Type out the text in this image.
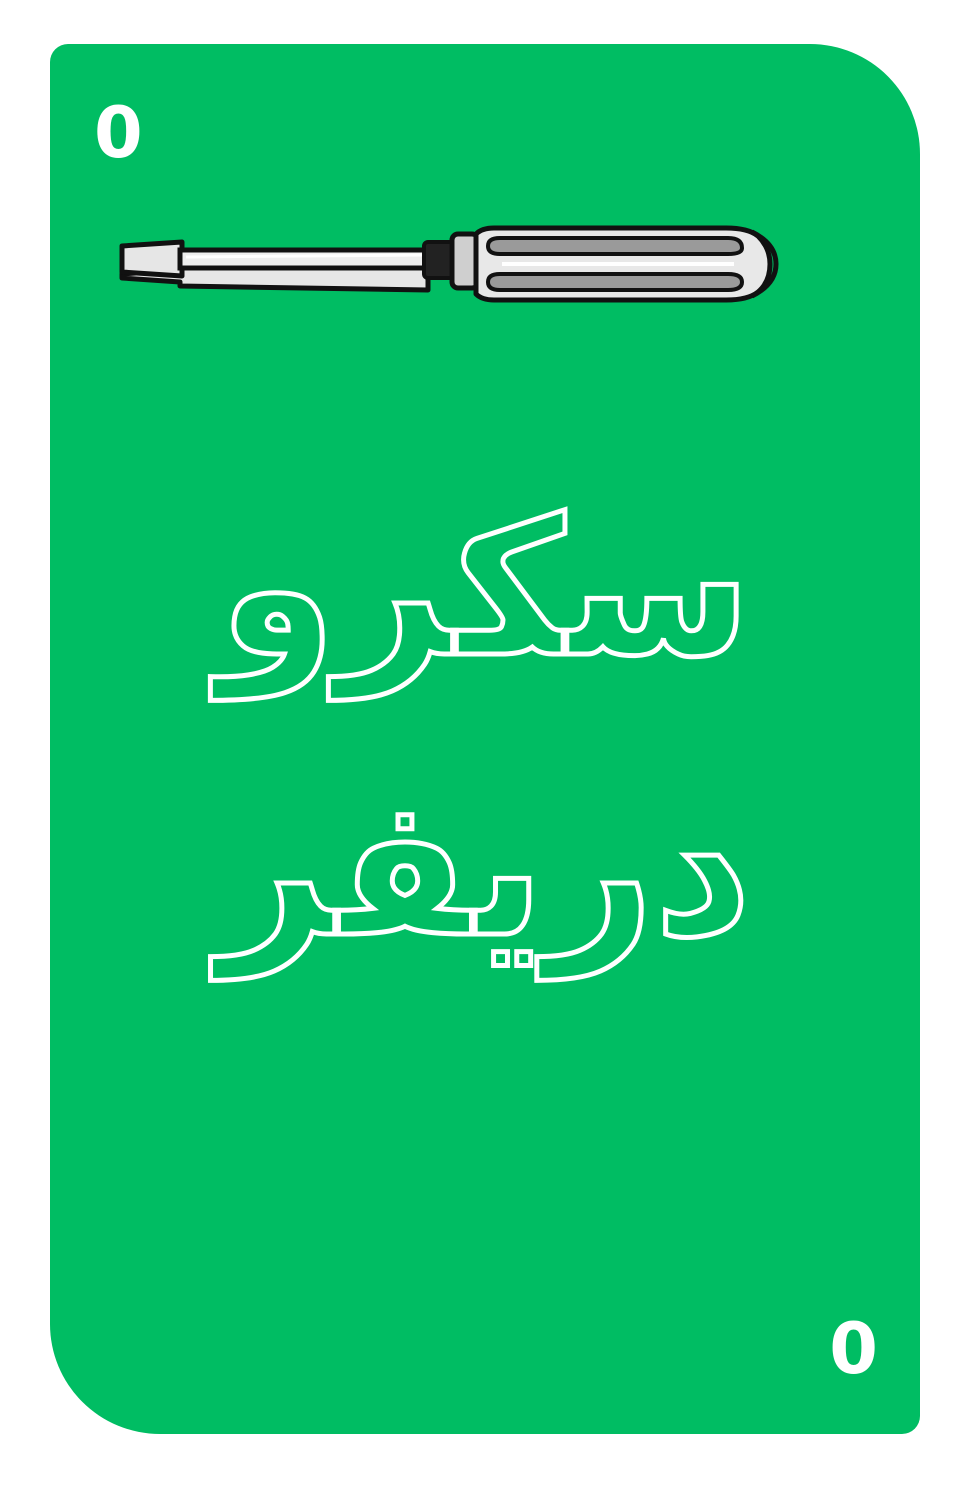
0
سكرو
دريفر
0
